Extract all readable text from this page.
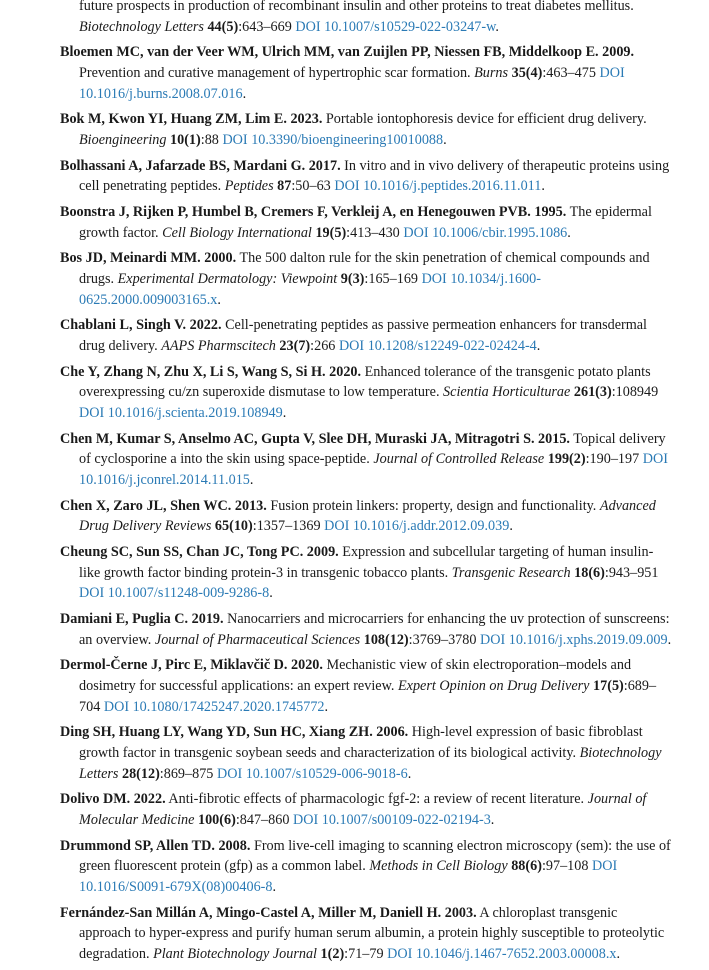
future prospects in production of recombinant insulin and other proteins to treat diabetes mellitus. Biotechnology Letters 44(5):643–669 DOI 10.1007/s10529-022-03247-w.

Bloemen MC, van der Veer WM, Ulrich MM, van Zuijlen PP, Niessen FB, Middelkoop E. 2009. Prevention and curative management of hypertrophic scar formation. Burns 35(4):463–475 DOI 10.1016/j.burns.2008.07.016.

Bok M, Kwon YI, Huang ZM, Lim E. 2023. Portable iontophoresis device for efficient drug delivery. Bioengineering 10(1):88 DOI 10.3390/bioengineering10010088.

Bolhassani A, Jafarzade BS, Mardani G. 2017. In vitro and in vivo delivery of therapeutic proteins using cell penetrating peptides. Peptides 87:50–63 DOI 10.1016/j.peptides.2016.11.011.

Boonstra J, Rijken P, Humbel B, Cremers F, Verkleij A, en Henegouwen PVB. 1995. The epidermal growth factor. Cell Biology International 19(5):413–430 DOI 10.1006/cbir.1995.1086.

Bos JD, Meinardi MM. 2000. The 500 dalton rule for the skin penetration of chemical compounds and drugs. Experimental Dermatology: Viewpoint 9(3):165–169 DOI 10.1034/j.1600-0625.2000.009003165.x.

Chablani L, Singh V. 2022. Cell-penetrating peptides as passive permeation enhancers for transdermal drug delivery. AAPS Pharmscitech 23(7):266 DOI 10.1208/s12249-022-02424-4.

Che Y, Zhang N, Zhu X, Li S, Wang S, Si H. 2020. Enhanced tolerance of the transgenic potato plants overexpressing cu/zn superoxide dismutase to low temperature. Scientia Horticulturae 261(3):108949 DOI 10.1016/j.scienta.2019.108949.

Chen M, Kumar S, Anselmo AC, Gupta V, Slee DH, Muraski JA, Mitragotri S. 2015. Topical delivery of cyclosporine a into the skin using space-peptide. Journal of Controlled Release 199(2):190–197 DOI 10.1016/j.jconrel.2014.11.015.

Chen X, Zaro JL, Shen WC. 2013. Fusion protein linkers: property, design and functionality. Advanced Drug Delivery Reviews 65(10):1357–1369 DOI 10.1016/j.addr.2012.09.039.

Cheung SC, Sun SS, Chan JC, Tong PC. 2009. Expression and subcellular targeting of human insulin-like growth factor binding protein-3 in transgenic tobacco plants. Transgenic Research 18(6):943–951 DOI 10.1007/s11248-009-9286-8.

Damiani E, Puglia C. 2019. Nanocarriers and microcarriers for enhancing the uv protection of sunscreens: an overview. Journal of Pharmaceutical Sciences 108(12):3769–3780 DOI 10.1016/j.xphs.2019.09.009.

Dermol-Černe J, Pirc E, Miklavčič D. 2020. Mechanistic view of skin electroporation–models and dosimetry for successful applications: an expert review. Expert Opinion on Drug Delivery 17(5):689–704 DOI 10.1080/17425247.2020.1745772.

Ding SH, Huang LY, Wang YD, Sun HC, Xiang ZH. 2006. High-level expression of basic fibroblast growth factor in transgenic soybean seeds and characterization of its biological activity. Biotechnology Letters 28(12):869–875 DOI 10.1007/s10529-006-9018-6.

Dolivo DM. 2022. Anti-fibrotic effects of pharmacologic fgf-2: a review of recent literature. Journal of Molecular Medicine 100(6):847–860 DOI 10.1007/s00109-022-02194-3.

Drummond SP, Allen TD. 2008. From live-cell imaging to scanning electron microscopy (sem): the use of green fluorescent protein (gfp) as a common label. Methods in Cell Biology 88(6):97–108 DOI 10.1016/S0091-679X(08)00406-8.

Fernández-San Millán A, Mingo-Castel A, Miller M, Daniell H. 2003. A chloroplast transgenic approach to hyper-express and purify human serum albumin, a protein highly susceptible to proteolytic degradation. Plant Biotechnology Journal 1(2):71–79 DOI 10.1046/j.1467-7652.2003.00008.x.
